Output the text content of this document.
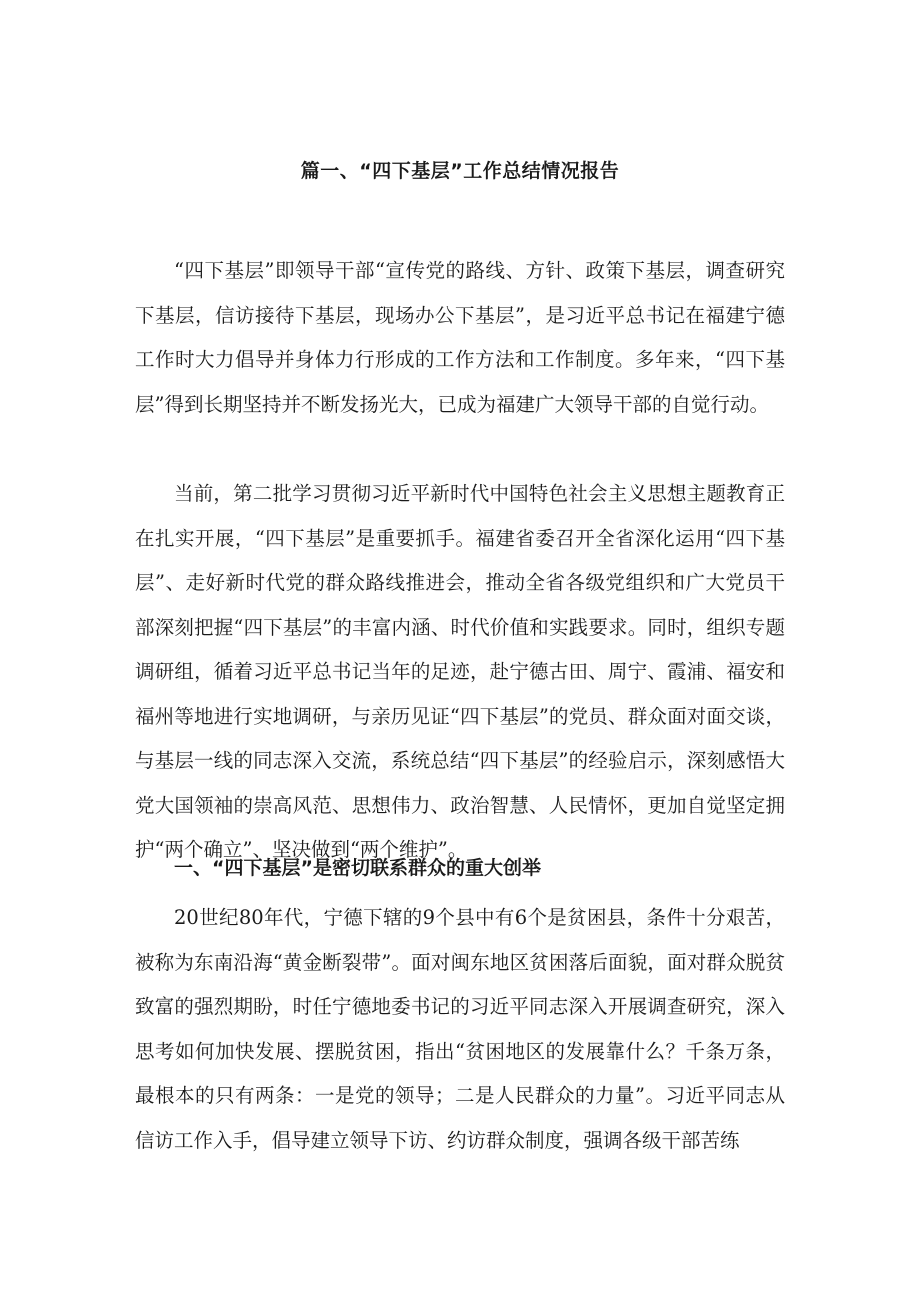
篇一、“四下基层”工作总结情况报告

“四下基层”即领导干部“宣传党的路线、方针、政策下基层，调查研究下基层，信访接待下基层，现场办公下基层”，是习近平总书记在福建宁德工作时大力倡导并身体力行形成的工作方法和工作制度。多年来，“四下基层”得到长期坚持并不断发扬光大，已成为福建广大领导干部的自觉行动。

当前，第二批学习贯彻习近平新时代中国特色社会主义思想主题教育正在扎实开展，“四下基层”是重要抓手。福建省委召开全省深化运用“四下基层”、走好新时代党的群众路线推进会，推动全省各级党组织和广大党员干部深刻把握“四下基层”的丰富内涵、时代价值和实践要求。同时，组织专题调研组，循着习近平总书记当年的足迹，赴宁德古田、周宁、霞浦、福安和福州等地进行实地调研，与亲历见证“四下基层”的党员、群众面对面交谈，与基层一线的同志深入交流，系统总结“四下基层”的经验启示，深刻感悟大党大国领袖的崇高风范、思想伟力、政治智慧、人民情怀，更加自觉坚定拥护“两个确立”、坚决做到“两个维护”。

一、“四下基层”是密切联系群众的重大创举

20世纪80年代，宁德下辖的9个县中有6个是贫困县，条件十分艰苦，被称为东南沿海“黄金断裂带”。面对闽东地区贫困落后面貌，面对群众脱贫致富的强烈期盼，时任宁德地委书记的习近平同志深入开展调查研究，深入思考如何加快发展、摆脱贫困，指出“贫困地区的发展靠什么？千条万条，最根本的只有两条：一是党的领导；二是人民群众的力量”。习近平同志从信访工作入手，倡导建立领导下访、约访群众制度，强调各级干部苦练
